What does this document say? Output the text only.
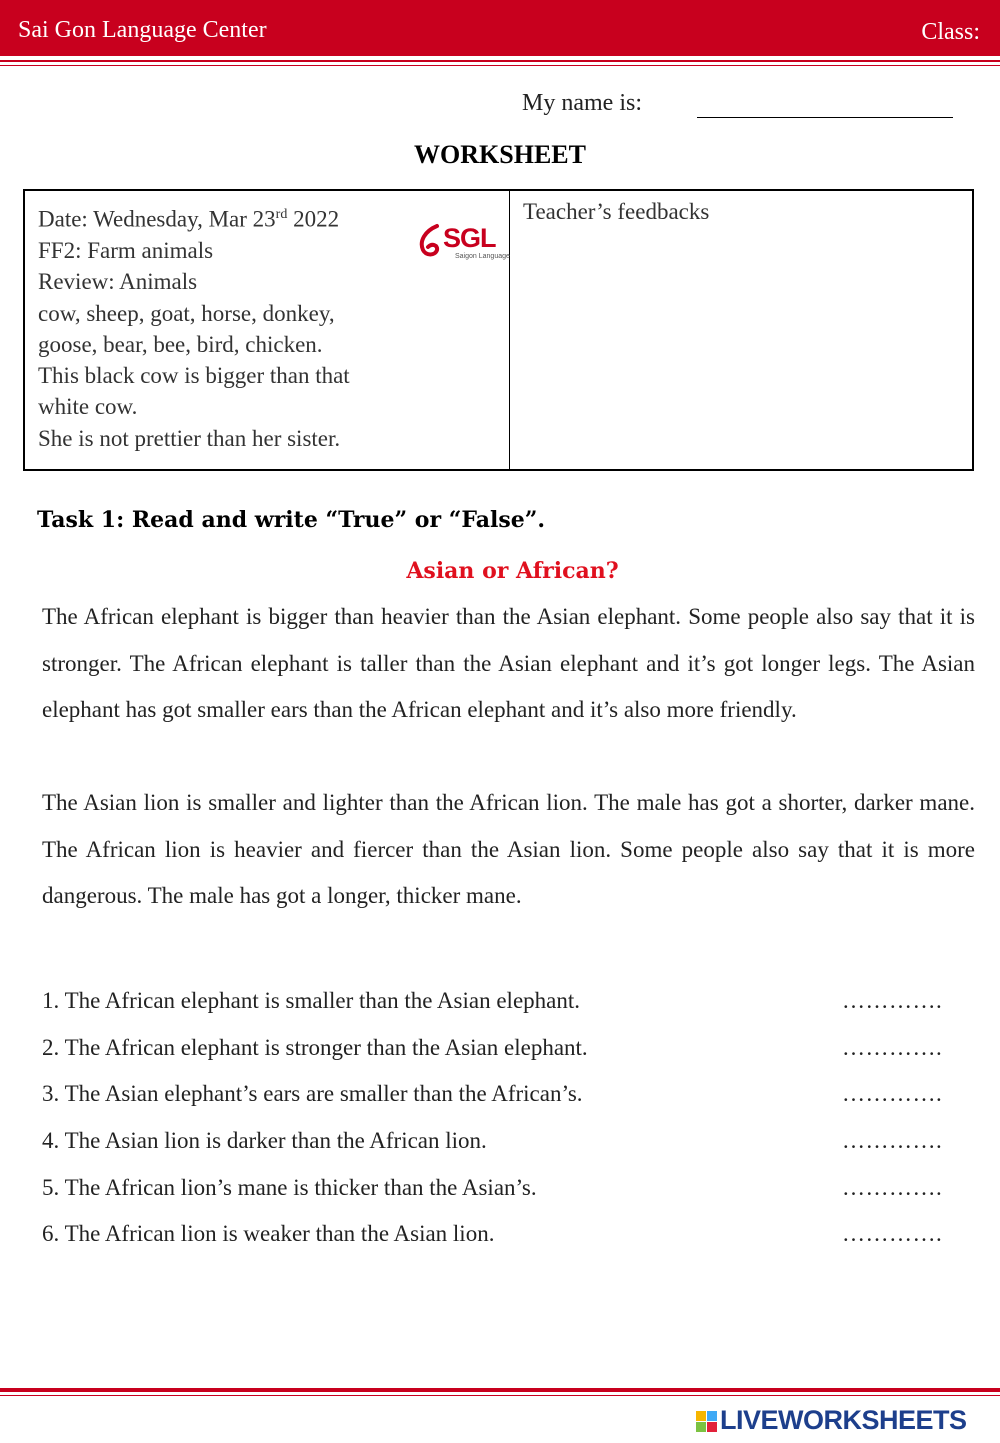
Sai Gon Language Center	Class:
My name is:
WORKSHEET
Date: Wednesday, Mar 23rd 2022
FF2: Farm animals
Review: Animals
cow, sheep, goat, horse, donkey,
goose, bear, bee, bird, chicken.
This black cow is bigger than that
white cow.
She is not prettier than her sister.
SGL
Saigon Language
Teacher’s feedbacks
Task 1: Read and write “True” or “False”.
Asian or African?
The African elephant is bigger than heavier than the Asian elephant. Some people also say that it is stronger. The African elephant is taller than the Asian elephant and it’s got longer legs. The Asian elephant has got smaller ears than the African elephant and it’s also more friendly.
The Asian lion is smaller and lighter than the African lion. The male has got a shorter, darker mane. The African lion is heavier and fiercer than the Asian lion. Some people also say that it is more dangerous. The male has got a longer, thicker mane.
1. The African elephant is smaller than the Asian elephant.	………….
2. The African elephant is stronger than the Asian elephant.	………….
3. The Asian elephant’s ears are smaller than the African’s.	………….
4. The Asian lion is darker than the African lion.	………….
5. The African lion’s mane is thicker than the Asian’s.	………….
6. The African lion is weaker than the Asian lion.	………….
LIVEWORKSHEETS
